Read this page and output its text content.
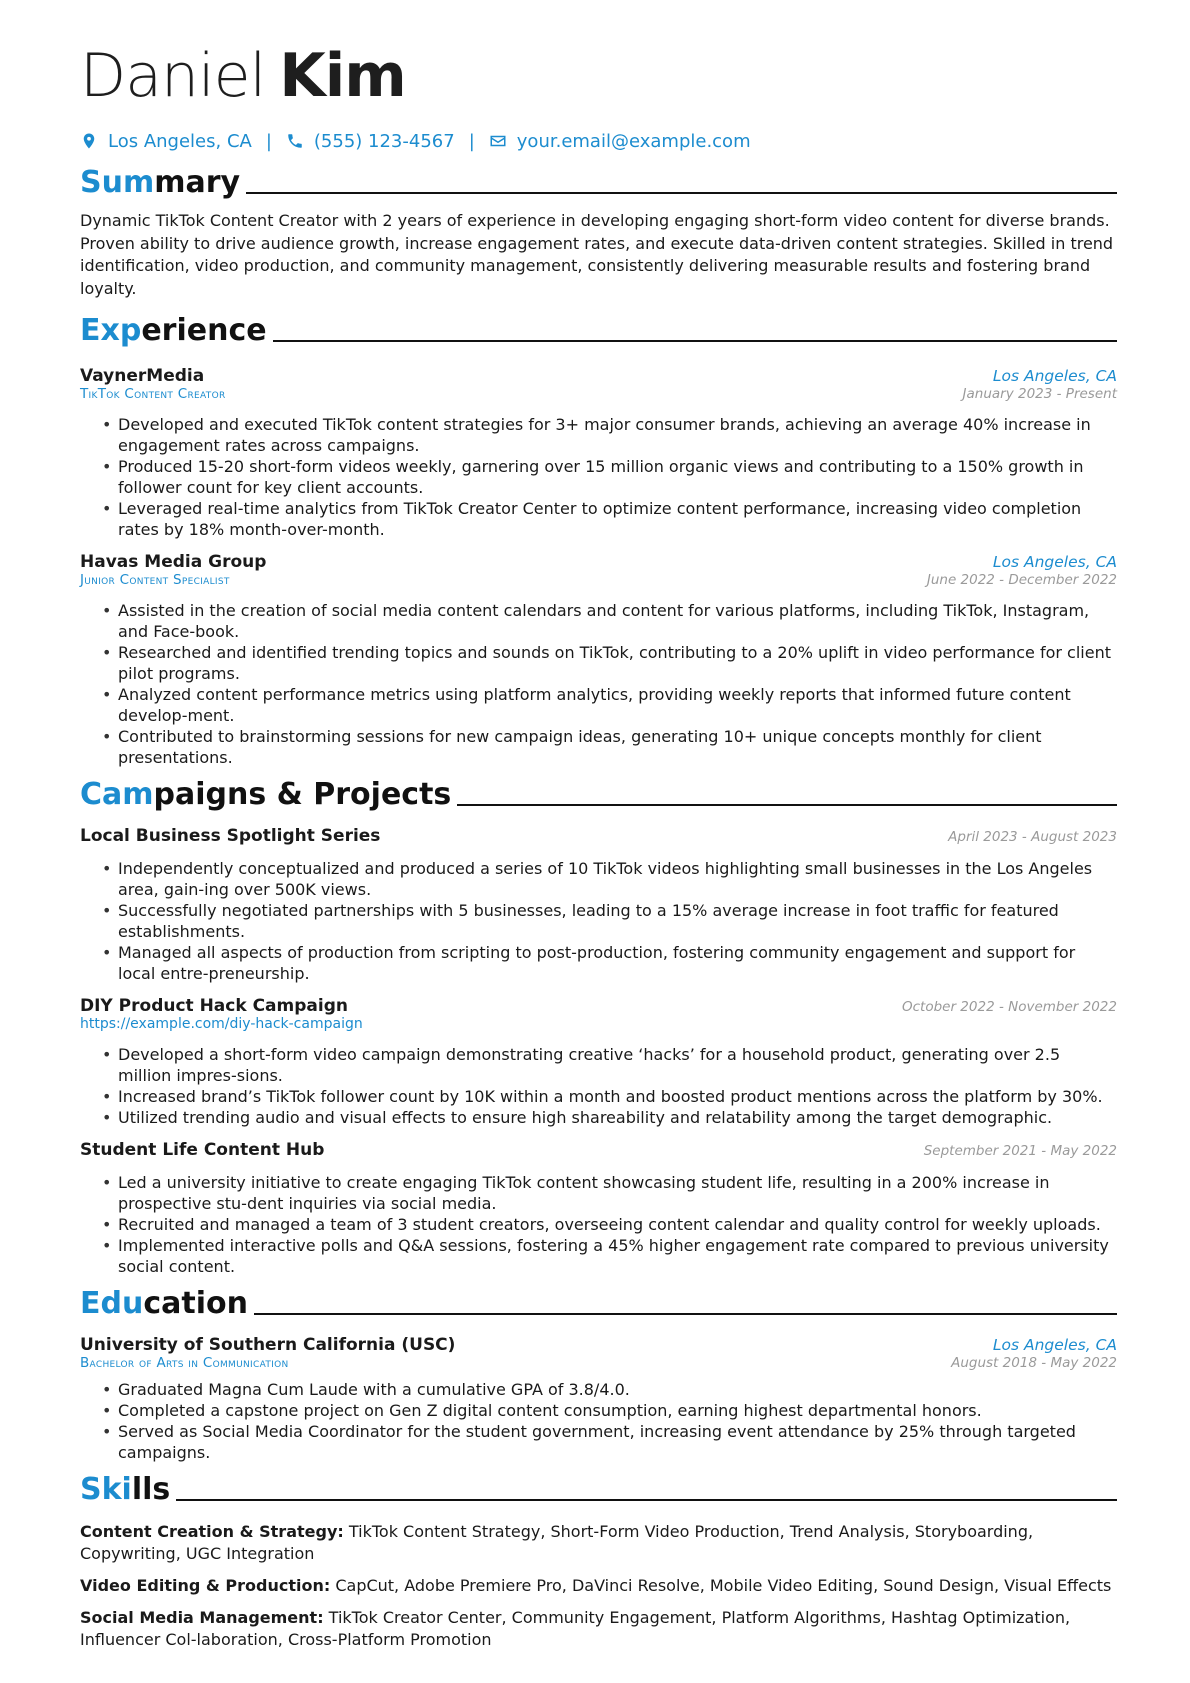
Daniel Kim
Los Angeles, CA | (555) 123-4567 | your.email@example.com
Summary

Dynamic TikTok Content Creator with 2 years of experience in developing engaging short-form video content for diverse brands. Proven ability to drive audience growth, increase engagement rates, and execute data-driven content strategies. Skilled in trend identification, video production, and community management, consistently delivering measurable results and fostering brand loyalty.

Experience
VaynerMedia	Los Angeles, CA
TikTok Content Creator	January 2023 - Present
• Developed and executed TikTok content strategies for 3+ major consumer brands, achieving an average 40% increase in engagement rates across campaigns.
• Produced 15-20 short-form videos weekly, garnering over 15 million organic views and contributing to a 150% growth in follower count for key client accounts.
• Leveraged real-time analytics from TikTok Creator Center to optimize content performance, increasing video completion rates by 18% month-over-month.
Havas Media Group	Los Angeles, CA
Junior Content Specialist	June 2022 - December 2022
• Assisted in the creation of social media content calendars and content for various platforms, including TikTok, Instagram, and Face-book.
• Researched and identified trending topics and sounds on TikTok, contributing to a 20% uplift in video performance for client pilot programs.
• Analyzed content performance metrics using platform analytics, providing weekly reports that informed future content develop-ment.
• Contributed to brainstorming sessions for new campaign ideas, generating 10+ unique concepts monthly for client presentations.
Campaigns & Projects
Local Business Spotlight Series	April 2023 - August 2023
• Independently conceptualized and produced a series of 10 TikTok videos highlighting small businesses in the Los Angeles area, gain-ing over 500K views.
• Successfully negotiated partnerships with 5 businesses, leading to a 15% average increase in foot traffic for featured establishments.
• Managed all aspects of production from scripting to post-production, fostering community engagement and support for local entre-preneurship.
DIY Product Hack Campaign	October 2022 - November 2022
https://example.com/diy-hack-campaign
• Developed a short-form video campaign demonstrating creative ‘hacks’ for a household product, generating over 2.5 million impres-sions.
• Increased brand’s TikTok follower count by 10K within a month and boosted product mentions across the platform by 30%.
• Utilized trending audio and visual effects to ensure high shareability and relatability among the target demographic.
Student Life Content Hub	September 2021 - May 2022
• Led a university initiative to create engaging TikTok content showcasing student life, resulting in a 200% increase in prospective stu-dent inquiries via social media.
• Recruited and managed a team of 3 student creators, overseeing content calendar and quality control for weekly uploads.
• Implemented interactive polls and Q&A sessions, fostering a 45% higher engagement rate compared to previous university social content.
Education
University of Southern California (USC)	Los Angeles, CA
Bachelor of Arts in Communication	August 2018 - May 2022
• Graduated Magna Cum Laude with a cumulative GPA of 3.8/4.0.
• Completed a capstone project on Gen Z digital content consumption, earning highest departmental honors.
• Served as Social Media Coordinator for the student government, increasing event attendance by 25% through targeted campaigns.
Skills
Content Creation & Strategy: TikTok Content Strategy, Short-Form Video Production, Trend Analysis, Storyboarding, Copywriting, UGC Integration
Video Editing & Production: CapCut, Adobe Premiere Pro, DaVinci Resolve, Mobile Video Editing, Sound Design, Visual Effects
Social Media Management: TikTok Creator Center, Community Engagement, Platform Algorithms, Hashtag Optimization, Influencer Col-laboration, Cross-Platform Promotion
